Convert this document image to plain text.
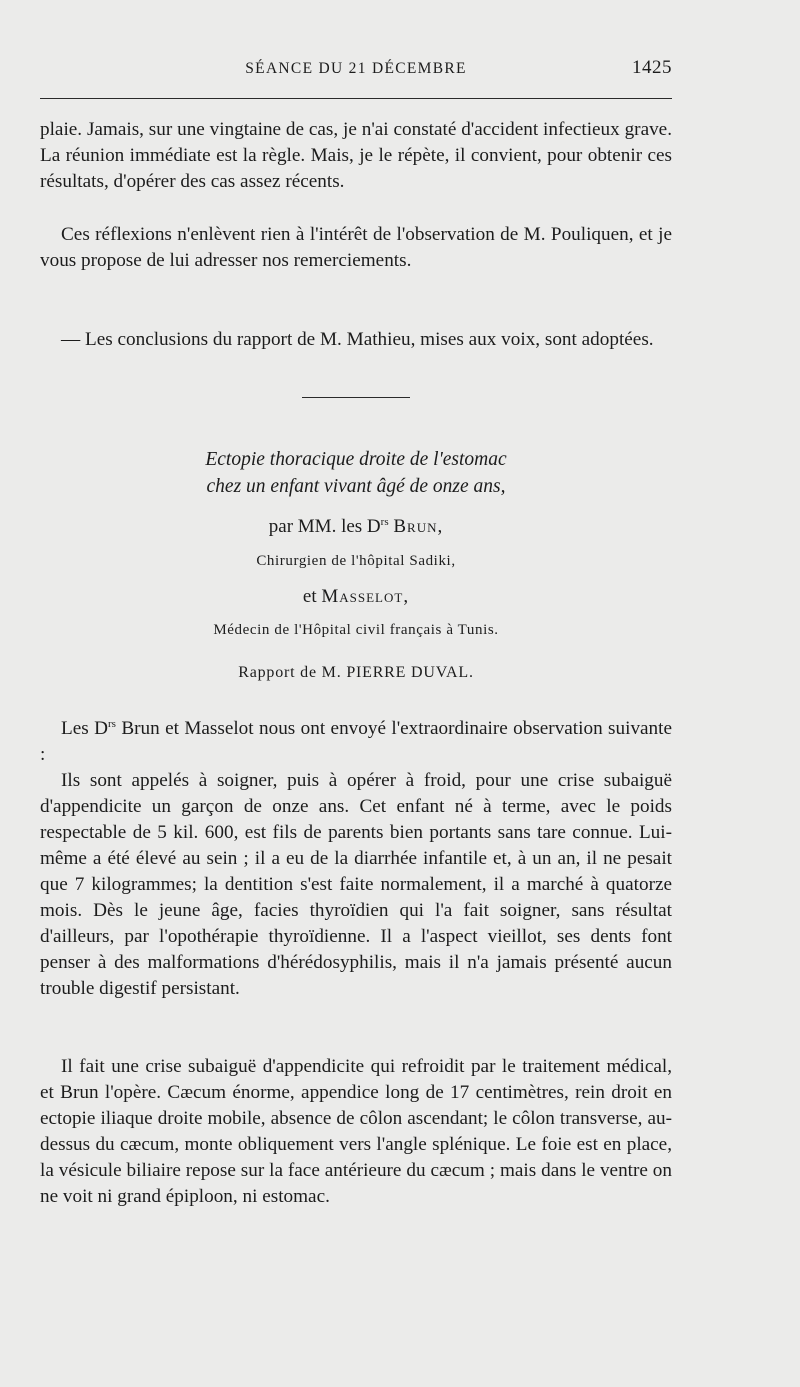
SÉANCE DU 21 DÉCEMBRE	1425

plaie. Jamais, sur une vingtaine de cas, je n'ai constaté d'accident infectieux grave. La réunion immédiate est la règle. Mais, je le répète, il convient, pour obtenir ces résultats, d'opérer des cas assez récents.

Ces réflexions n'enlèvent rien à l'intérêt de l'observation de M. Pouliquen, et je vous propose de lui adresser nos remerciements.

— Les conclusions du rapport de M. Mathieu, mises aux voix, sont adoptées.

Ectopie thoracique droite de l'estomac

chez un enfant vivant âgé de onze ans,

par MM. les $D^{rs}$ Brun,

Chirurgien de l'hôpital Sadiki,

et Masselot,

Médecin de l'Hôpital civil français à Tunis.

Rapport de M. PIERRE DUVAL.

Les $D^{rs}$ Brun et Masselot nous ont envoyé l'extraordinaire observation suivante :

Ils sont appelés à soigner, puis à opérer à froid, pour une crise subaiguë d'appendicite un garçon de onze ans. Cet enfant né à terme, avec le poids respectable de 5 kil. 600, est fils de parents bien portants sans tare connue. Lui-même a été élevé au sein ; il a eu de la diarrhée infantile et, à un an, il ne pesait que 7 kilogrammes; la dentition s'est faite normalement, il a marché à quatorze mois. Dès le jeune âge, facies thyroïdien qui l'a fait soigner, sans résultat d'ailleurs, par l'opothérapie thyroïdienne. Il a l'aspect vieillot, ses dents font penser à des malformations d'hérédosyphilis, mais il n'a jamais présenté aucun trouble digestif persistant.

Il fait une crise subaiguë d'appendicite qui refroidit par le traitement médical, et Brun l'opère. Cæcum énorme, appendice long de 17 centimètres, rein droit en ectopie iliaque droite mobile, absence de côlon ascendant; le côlon transverse, au-dessus du cæcum, monte obliquement vers l'angle splénique. Le foie est en place, la vésicule biliaire repose sur la face antérieure du cæcum ; mais dans le ventre on ne voit ni grand épiploon, ni estomac.
